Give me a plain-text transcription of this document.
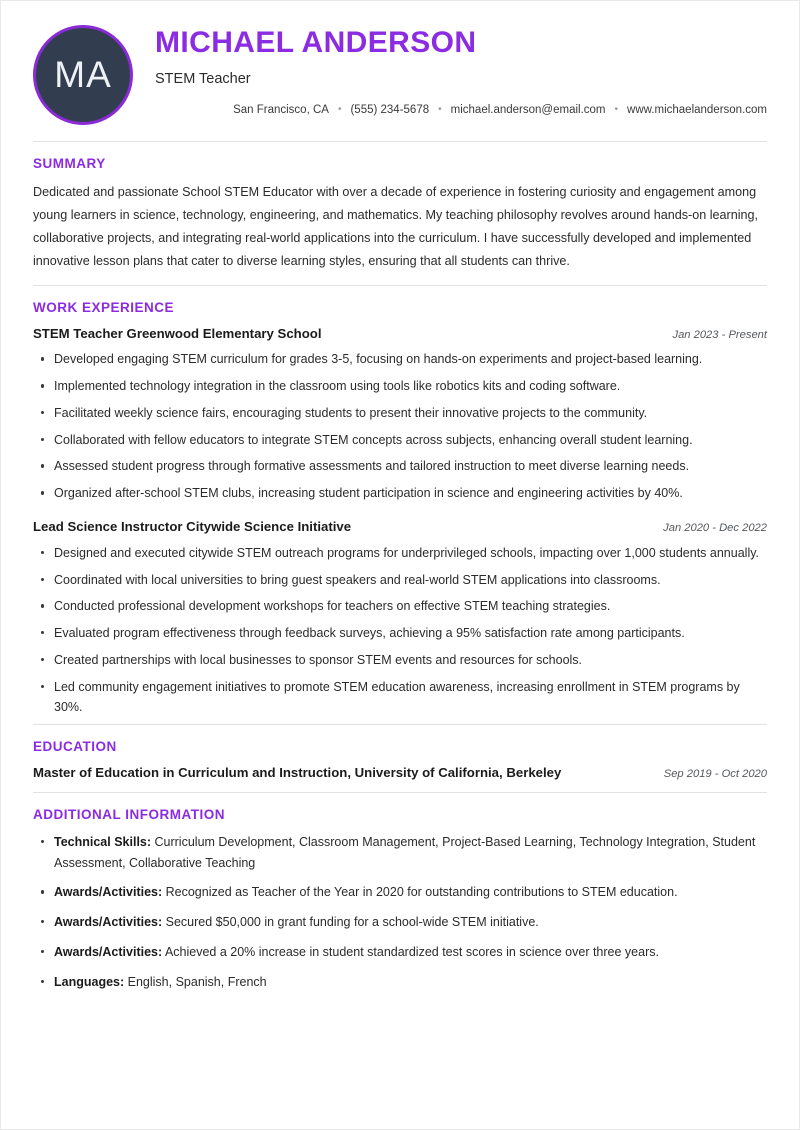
MA
MICHAEL ANDERSON
STEM Teacher
San Francisco, CA • (555) 234-5678 • michael.anderson@email.com • www.michaelanderson.com
SUMMARY
Dedicated and passionate School STEM Educator with over a decade of experience in fostering curiosity and engagement among young learners in science, technology, engineering, and mathematics. My teaching philosophy revolves around hands-on learning, collaborative projects, and integrating real-world applications into the curriculum. I have successfully developed and implemented innovative lesson plans that cater to diverse learning styles, ensuring that all students can thrive.
WORK EXPERIENCE
STEM Teacher Greenwood Elementary School	Jan 2023 - Present
Developed engaging STEM curriculum for grades 3-5, focusing on hands-on experiments and project-based learning.
Implemented technology integration in the classroom using tools like robotics kits and coding software.
Facilitated weekly science fairs, encouraging students to present their innovative projects to the community.
Collaborated with fellow educators to integrate STEM concepts across subjects, enhancing overall student learning.
Assessed student progress through formative assessments and tailored instruction to meet diverse learning needs.
Organized after-school STEM clubs, increasing student participation in science and engineering activities by 40%.
Lead Science Instructor Citywide Science Initiative	Jan 2020 - Dec 2022
Designed and executed citywide STEM outreach programs for underprivileged schools, impacting over 1,000 students annually.
Coordinated with local universities to bring guest speakers and real-world STEM applications into classrooms.
Conducted professional development workshops for teachers on effective STEM teaching strategies.
Evaluated program effectiveness through feedback surveys, achieving a 95% satisfaction rate among participants.
Created partnerships with local businesses to sponsor STEM events and resources for schools.
Led community engagement initiatives to promote STEM education awareness, increasing enrollment in STEM programs by 30%.
EDUCATION
Master of Education in Curriculum and Instruction, University of California, Berkeley	Sep 2019 - Oct 2020
ADDITIONAL INFORMATION
Technical Skills: Curriculum Development, Classroom Management, Project-Based Learning, Technology Integration, Student Assessment, Collaborative Teaching
Awards/Activities: Recognized as Teacher of the Year in 2020 for outstanding contributions to STEM education.
Awards/Activities: Secured $50,000 in grant funding for a school-wide STEM initiative.
Awards/Activities: Achieved a 20% increase in student standardized test scores in science over three years.
Languages: English, Spanish, French
